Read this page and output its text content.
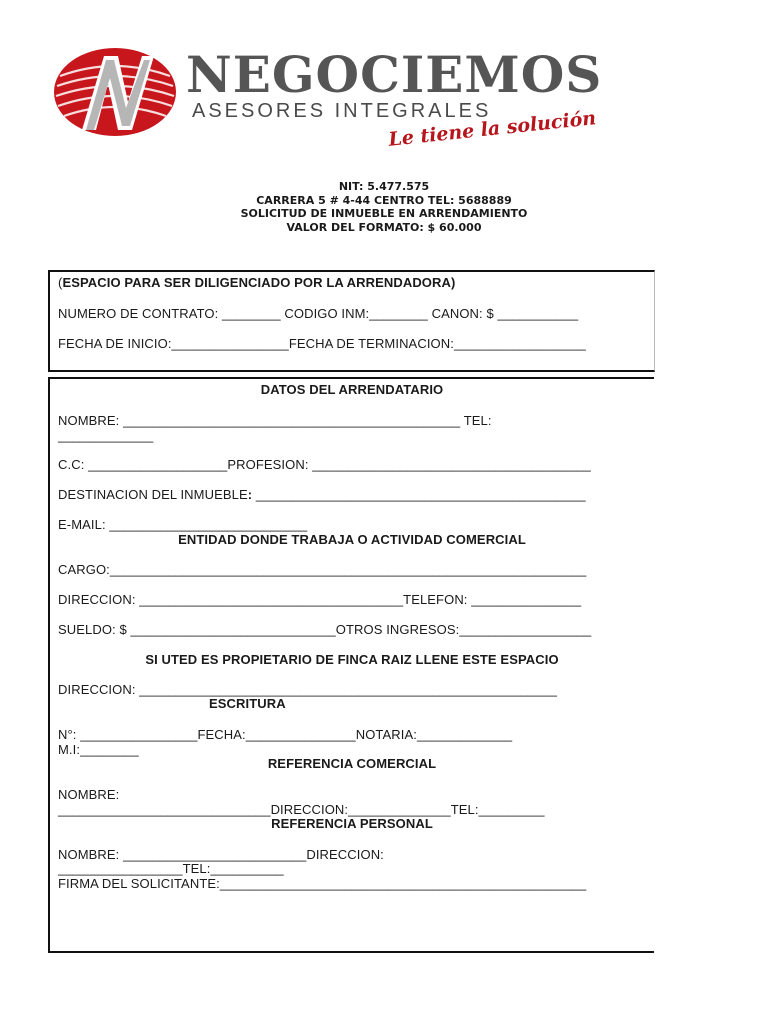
NEGOCIEMOS
ASESORES INTEGRALES
Le tiene la solución
NIT: 5.477.575
CARRERA 5 # 4-44 CENTRO TEL: 5688889
SOLICITUD DE INMUEBLE EN ARRENDAMIENTO
VALOR DEL FORMATO: $ 60.000
(ESPACIO PARA SER DILIGENCIADO POR LA ARRENDADORA)
NUMERO DE CONTRATO: ________ CODIGO INM:________ CANON: $ ___________
FECHA DE INICIO:________________FECHA DE TERMINACION:__________________
DATOS DEL ARRENDATARIO
NOMBRE: ______________________________________________ TEL:
_____________
C.C: ___________________PROFESION: ______________________________________
DESTINACION DEL INMUEBLE: _____________________________________________
E-MAIL: ___________________________
ENTIDAD DONDE TRABAJA O ACTIVIDAD COMERCIAL
CARGO:_________________________________________________________________
DIRECCION: ____________________________________TELEFON: _______________
SUELDO: $ ____________________________OTROS INGRESOS:__________________
SI UTED ES PROPIETARIO DE FINCA RAIZ LLENE ESTE ESPACIO
DIRECCION: _________________________________________________________
ESCRITURA
N°: ________________FECHA:_______________NOTARIA:_____________
M.I:________
REFERENCIA COMERCIAL
NOMBRE:
_____________________________DIRECCION:______________TEL:_________
REFERENCIA PERSONAL
NOMBRE: _________________________DIRECCION:
_________________TEL:__________
FIRMA DEL SOLICITANTE:__________________________________________________
